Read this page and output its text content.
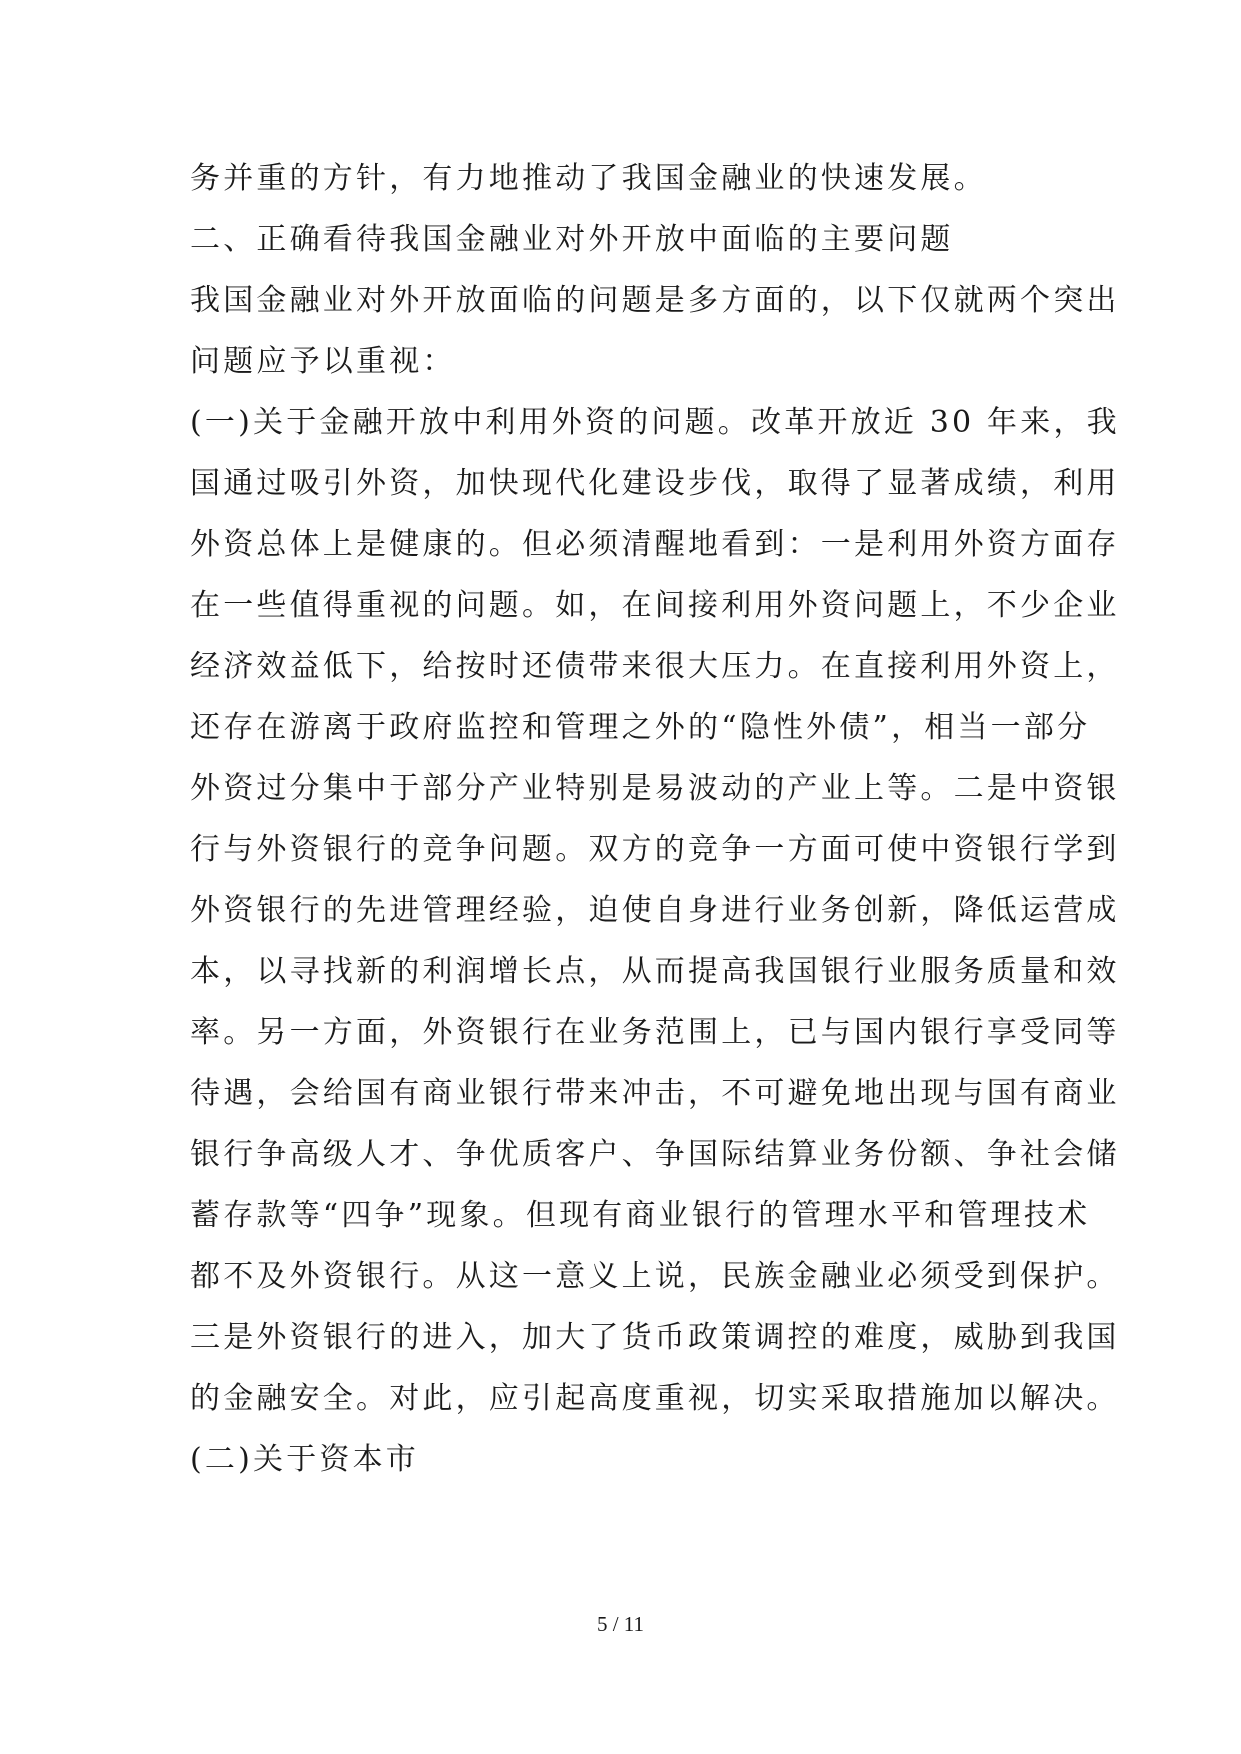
务并重的方针，有力地推动了我国金融业的快速发展。
二、正确看待我国金融业对外开放中面临的主要问题
我国金融业对外开放面临的问题是多方面的，以下仅就两个突出
问题应予以重视：
(一)关于金融开放中利用外资的问题。改革开放近 30 年来，我
国通过吸引外资，加快现代化建设步伐，取得了显著成绩，利用
外资总体上是健康的。但必须清醒地看到：一是利用外资方面存
在一些值得重视的问题。如，在间接利用外资问题上，不少企业
经济效益低下，给按时还债带来很大压力。在直接利用外资上，
还存在游离于政府监控和管理之外的“隐性外债”，相当一部分
外资过分集中于部分产业特别是易波动的产业上等。二是中资银
行与外资银行的竞争问题。双方的竞争一方面可使中资银行学到
外资银行的先进管理经验，迫使自身进行业务创新，降低运营成
本，以寻找新的利润增长点，从而提高我国银行业服务质量和效
率。另一方面，外资银行在业务范围上，已与国内银行享受同等
待遇，会给国有商业银行带来冲击，不可避免地出现与国有商业
银行争高级人才、争优质客户、争国际结算业务份额、争社会储
蓄存款等“四争”现象。但现有商业银行的管理水平和管理技术
都不及外资银行。从这一意义上说，民族金融业必须受到保护。
三是外资银行的进入，加大了货币政策调控的难度，威胁到我国
的金融安全。对此，应引起高度重视，切实采取措施加以解决。
(二)关于资本市
5 / 11
